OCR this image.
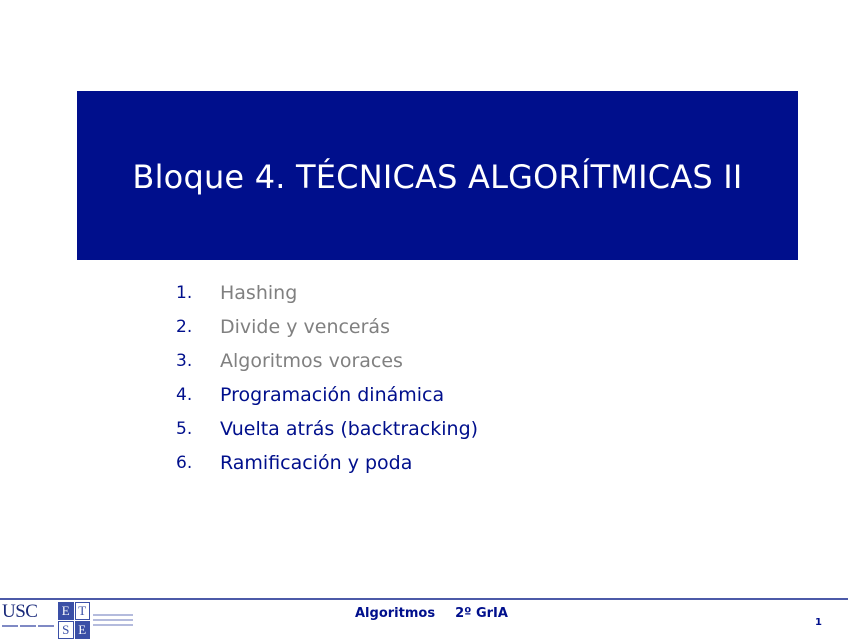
Bloque 4. TÉCNICAS ALGORÍTMICAS II
1.	Hashing
2.	Divide y vencerás
3.	Algoritmos voraces
4.	Programación dinámica
5.	Vuelta atrás (backtracking)
6.	Ramificación y poda
USC	E T
S E
Algoritmos 2º GrIA
1
